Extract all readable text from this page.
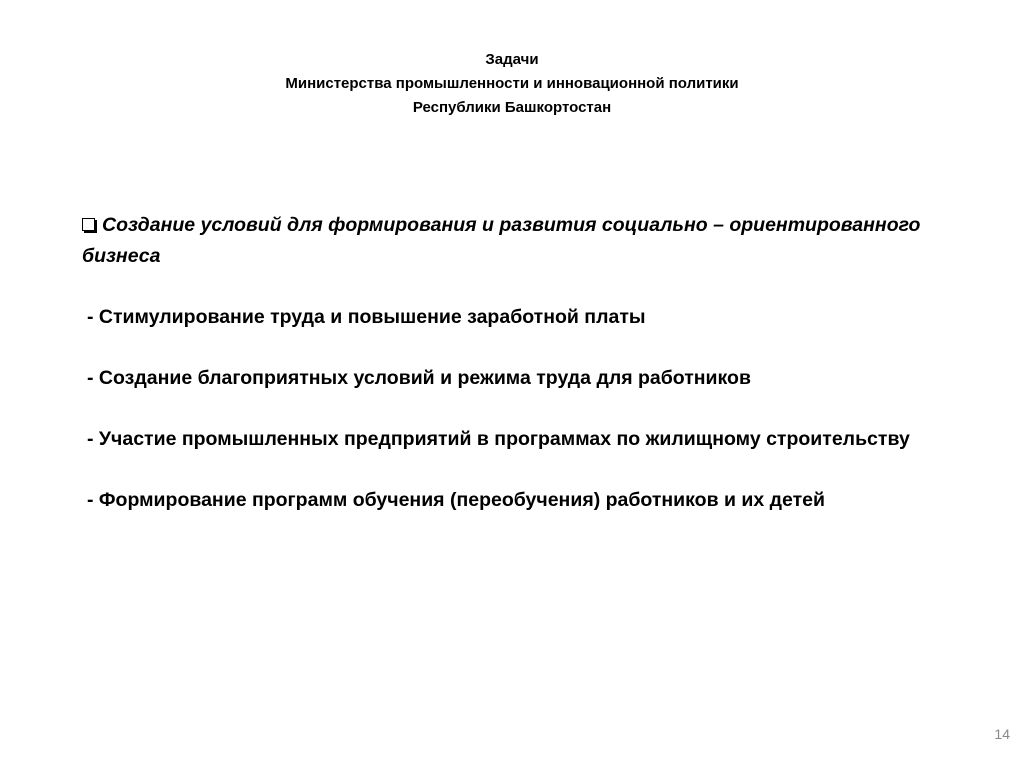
Задачи
Министерства промышленности и инновационной политики
Республики Башкортостан
Создание условий для формирования и развития социально – ориентированного бизнеса
- Стимулирование труда и повышение заработной платы
- Создание благоприятных условий и режима труда для работников
- Участие промышленных предприятий в программах по жилищному строительству
- Формирование программ обучения (переобучения) работников и их детей
14
